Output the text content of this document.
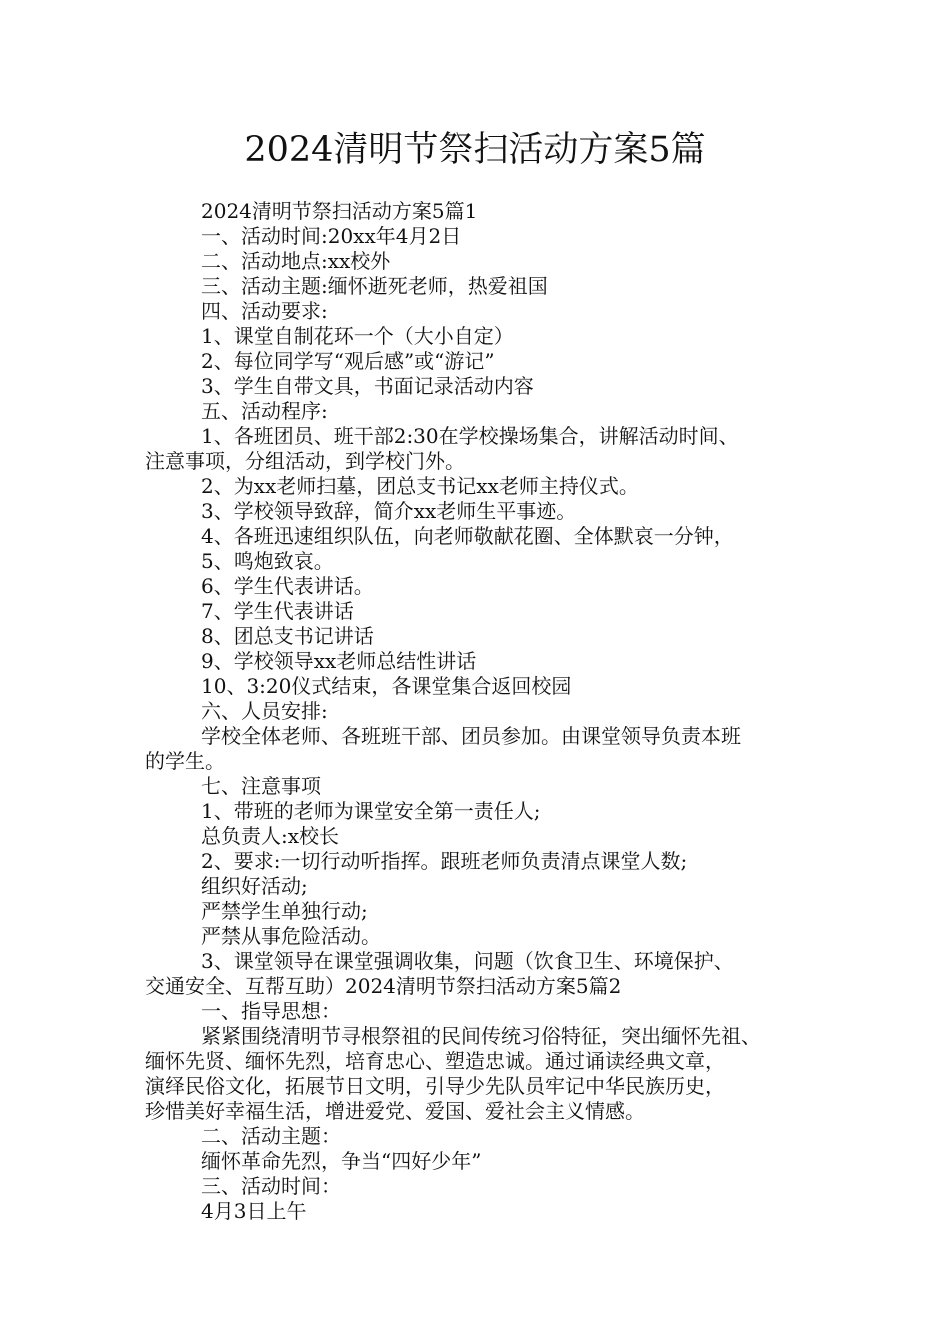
2024清明节祭扫活动方案5篇

2024清明节祭扫活动方案5篇1

一、活动时间:20xx年4月2日

二、活动地点:xx校外

三、活动主题:缅怀逝死老师，热爱祖国

四、活动要求:

1、课堂自制花环一个（大小自定）

2、每位同学写“观后感”或“游记”

3、学生自带文具，书面记录活动内容

五、活动程序:

1、各班团员、班干部2:30在学校操场集合，讲解活动时间、

注意事项，分组活动，到学校门外。

2、为xx老师扫墓，团总支书记xx老师主持仪式。

3、学校领导致辞，简介xx老师生平事迹。

4、各班迅速组织队伍，向老师敬献花圈、全体默哀一分钟，

5、鸣炮致哀。

6、学生代表讲话。

7、学生代表讲话

8、团总支书记讲话

9、学校领导xx老师总结性讲话

10、3:20仪式结束，各课堂集合返回校园

六、人员安排:

学校全体老师、各班班干部、团员参加。由课堂领导负责本班

的学生。

七、注意事项

1、带班的老师为课堂安全第一责任人;

总负责人:x校长

2、要求:一切行动听指挥。跟班老师负责清点课堂人数;

组织好活动;

严禁学生单独行动;

严禁从事危险活动。

3、课堂领导在课堂强调收集，问题（饮食卫生、环境保护、

交通安全、互帮互助）2024清明节祭扫活动方案5篇2

一、指导思想：

紧紧围绕清明节寻根祭祖的民间传统习俗特征，突出缅怀先祖、

缅怀先贤、缅怀先烈，培育忠心、塑造忠诚。通过诵读经典文章，

演绎民俗文化，拓展节日文明，引导少先队员牢记中华民族历史，

珍惜美好幸福生活，增进爱党、爱国、爱社会主义情感。

二、活动主题：

缅怀革命先烈，争当“四好少年”

三、活动时间：

4月3日上午
